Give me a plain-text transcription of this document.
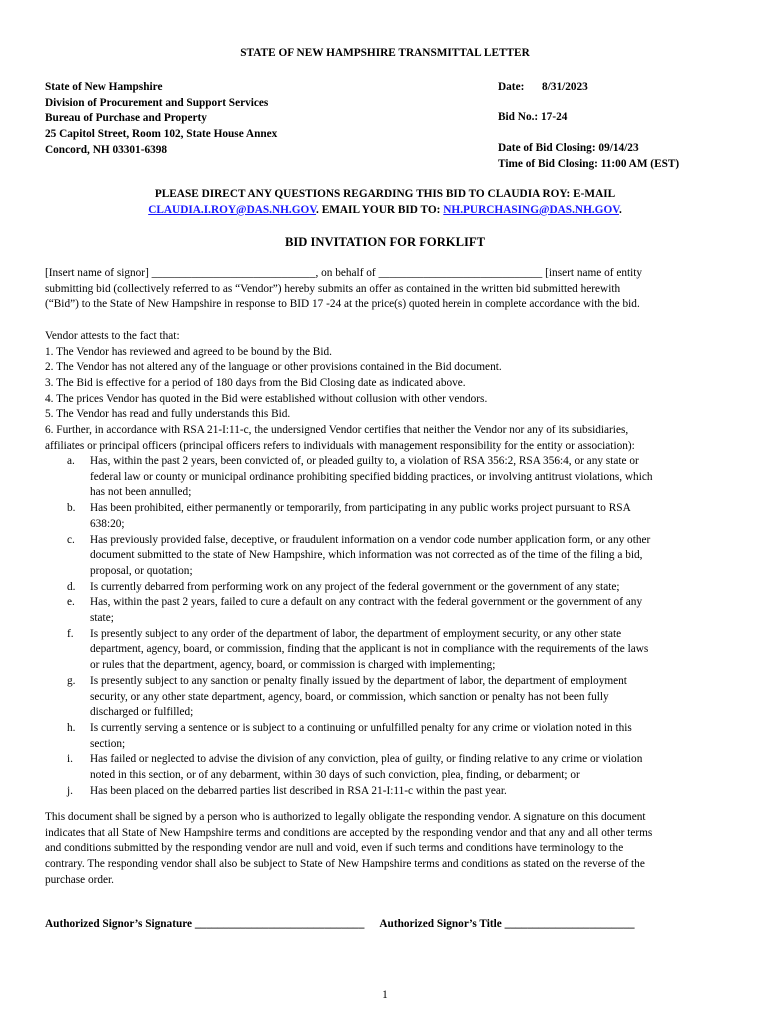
STATE OF NEW HAMPSHIRE TRANSMITTAL LETTER
State of New Hampshire
Division of Procurement and Support Services
Bureau of Purchase and Property
25 Capitol Street, Room 102, State House Annex
Concord, NH 03301-6398
Date: 8/31/2023
Bid No.: 17-24
Date of Bid Closing: 09/14/23
Time of Bid Closing: 11:00 AM (EST)
PLEASE DIRECT ANY QUESTIONS REGARDING THIS BID TO CLAUDIA ROY: E-MAIL
CLAUDIA.I.ROY@DAS.NH.GOV. EMAIL YOUR BID TO: NH.PURCHASING@DAS.NH.GOV.
BID INVITATION FOR FORKLIFT
[Insert name of signor] _____________________________, on behalf of _____________________________ [insert name of entity
submitting bid (collectively referred to as “Vendor”) hereby submits an offer as contained in the written bid submitted herewith
(“Bid”) to the State of New Hampshire in response to BID 17 -24 at the price(s) quoted herein in complete accordance with the bid.
Vendor attests to the fact that:
1. The Vendor has reviewed and agreed to be bound by the Bid.
2. The Vendor has not altered any of the language or other provisions contained in the Bid document.
3. The Bid is effective for a period of 180 days from the Bid Closing date as indicated above.
4. The prices Vendor has quoted in the Bid were established without collusion with other vendors.
5. The Vendor has read and fully understands this Bid.
6. Further, in accordance with RSA 21-I:11-c, the undersigned Vendor certifies that neither the Vendor nor any of its subsidiaries,
affiliates or principal officers (principal officers refers to individuals with management responsibility for the entity or association):
a. Has, within the past 2 years, been convicted of, or pleaded guilty to, a violation of RSA 356:2, RSA 356:4, or any state or
federal law or county or municipal ordinance prohibiting specified bidding practices, or involving antitrust violations, which
has not been annulled;
b. Has been prohibited, either permanently or temporarily, from participating in any public works project pursuant to RSA
638:20;
c. Has previously provided false, deceptive, or fraudulent information on a vendor code number application form, or any other
document submitted to the state of New Hampshire, which information was not corrected as of the time of the filing a bid,
proposal, or quotation;
d. Is currently debarred from performing work on any project of the federal government or the government of any state;
e. Has, within the past 2 years, failed to cure a default on any contract with the federal government or the government of any
state;
f. Is presently subject to any order of the department of labor, the department of employment security, or any other state
department, agency, board, or commission, finding that the applicant is not in compliance with the requirements of the laws
or rules that the department, agency, board, or commission is charged with implementing;
g. Is presently subject to any sanction or penalty finally issued by the department of labor, the department of employment
security, or any other state department, agency, board, or commission, which sanction or penalty has not been fully
discharged or fulfilled;
h. Is currently serving a sentence or is subject to a continuing or unfulfilled penalty for any crime or violation noted in this
section;
i. Has failed or neglected to advise the division of any conviction, plea of guilty, or finding relative to any crime or violation
noted in this section, or of any debarment, within 30 days of such conviction, plea, finding, or debarment; or
j. Has been placed on the debarred parties list described in RSA 21-I:11-c within the past year.
This document shall be signed by a person who is authorized to legally obligate the responding vendor. A signature on this document
indicates that all State of New Hampshire terms and conditions are accepted by the responding vendor and that any and all other terms
and conditions submitted by the responding vendor are null and void, even if such terms and conditions have terminology to the
contrary. The responding vendor shall also be subject to State of New Hampshire terms and conditions as stated on the reverse of the
purchase order.
Authorized Signor’s Signature ______________________________ Authorized Signor’s Title _______________________
1
